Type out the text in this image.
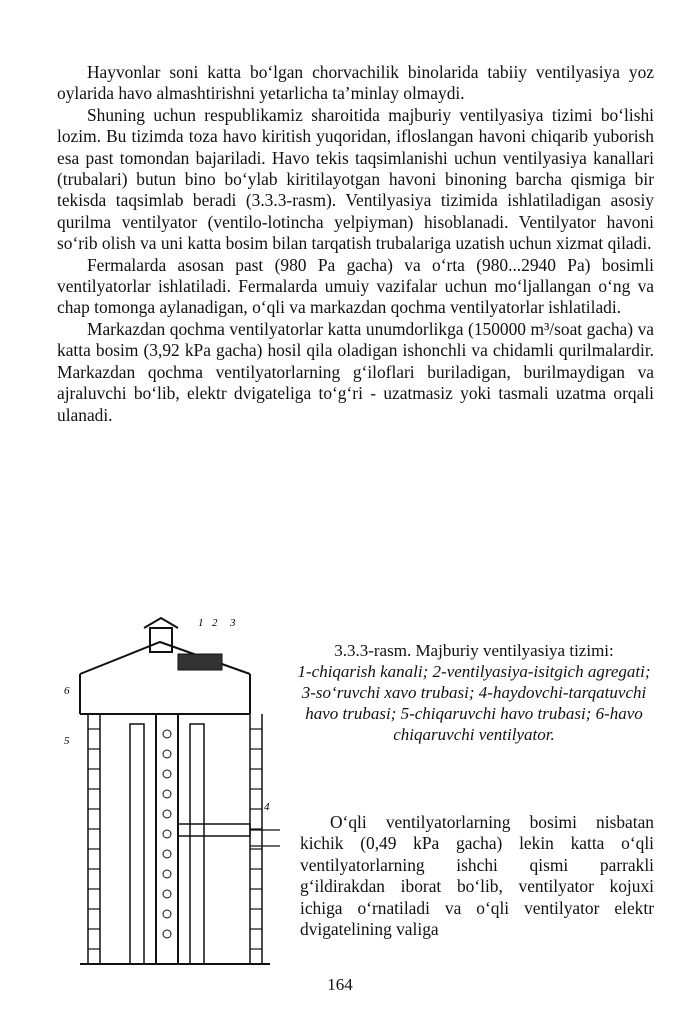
Hayvonlar soni katta bo‘lgan chorvachilik binolarida tabiiy ventilyasiya yoz oylarida havo almashtirishni yetarlicha ta’minlay olmaydi.

Shuning uchun respublikamiz sharoitida majburiy ventilyasiya tizimi bo‘lishi lozim. Bu tizimda toza havo kiritish yuqoridan, ifloslangan havoni chiqarib yuborish esa past tomondan bajariladi. Havo tekis taqsimlanishi uchun ventilyasiya kanallari (trubalari) butun bino bo‘ylab kiritilayotgan havoni binoning barcha qismiga bir tekisda taqsimlab beradi (3.3.3-rasm). Ventilyasiya tizimida ishlatiladigan asosiy qurilma ventilyator (ventilo-lotincha yelpiyman) hisoblanadi. Ventilyator havoni so‘rib olish va uni katta bosim bilan tarqatish trubalariga uzatish uchun xizmat qiladi.

Fermalarda asosan past (980 Pa gacha) va o‘rta (980...2940 Pa) bosimli ventilyatorlar ishlatiladi. Fermalarda umuiy vazifalar uchun mo‘ljallangan o‘ng va chap tomonga aylanadigan, o‘qli va markazdan qochma ventilyatorlar ishlatiladi.

Markazdan qochma ventilyatorlar katta unumdorlikga (150000 m³/soat gacha) va katta bosim (3,92 kPa gacha) hosil qila oladigan ishonchli va chidamli qurilmalardir. Markazdan qochma ventilyatorlarning g‘iloflari buriladigan, burilmaydigan va ajraluvchi bo‘lib, elektr dvigateliga to‘g‘ri - uzatmasiz yoki tasmali uzatma orqali ulanadi.

1 2 3
4
5
6
3.3.3-rasm. Majburiy ventilyasiya tizimi:
1-chiqarish kanali; 2-ventilyasiya-isitgich agregati; 3-so‘ruvchi xavo trubasi; 4-haydovchi-tarqatuvchi havo trubasi; 5-chiqaruvchi havo trubasi; 6-havo chiqaruvchi ventilyator.

O‘qli ventilyatorlarning bosimi nisbatan kichik (0,49 kPa gacha) lekin katta o‘qli ventilyatorlarning ishchi qismi parrakli g‘ildirakdan iborat bo‘lib, ventilyator kojuxi ichiga o‘rnatiladi va o‘qli ventilyator elektr dvigatelining valiga

164
